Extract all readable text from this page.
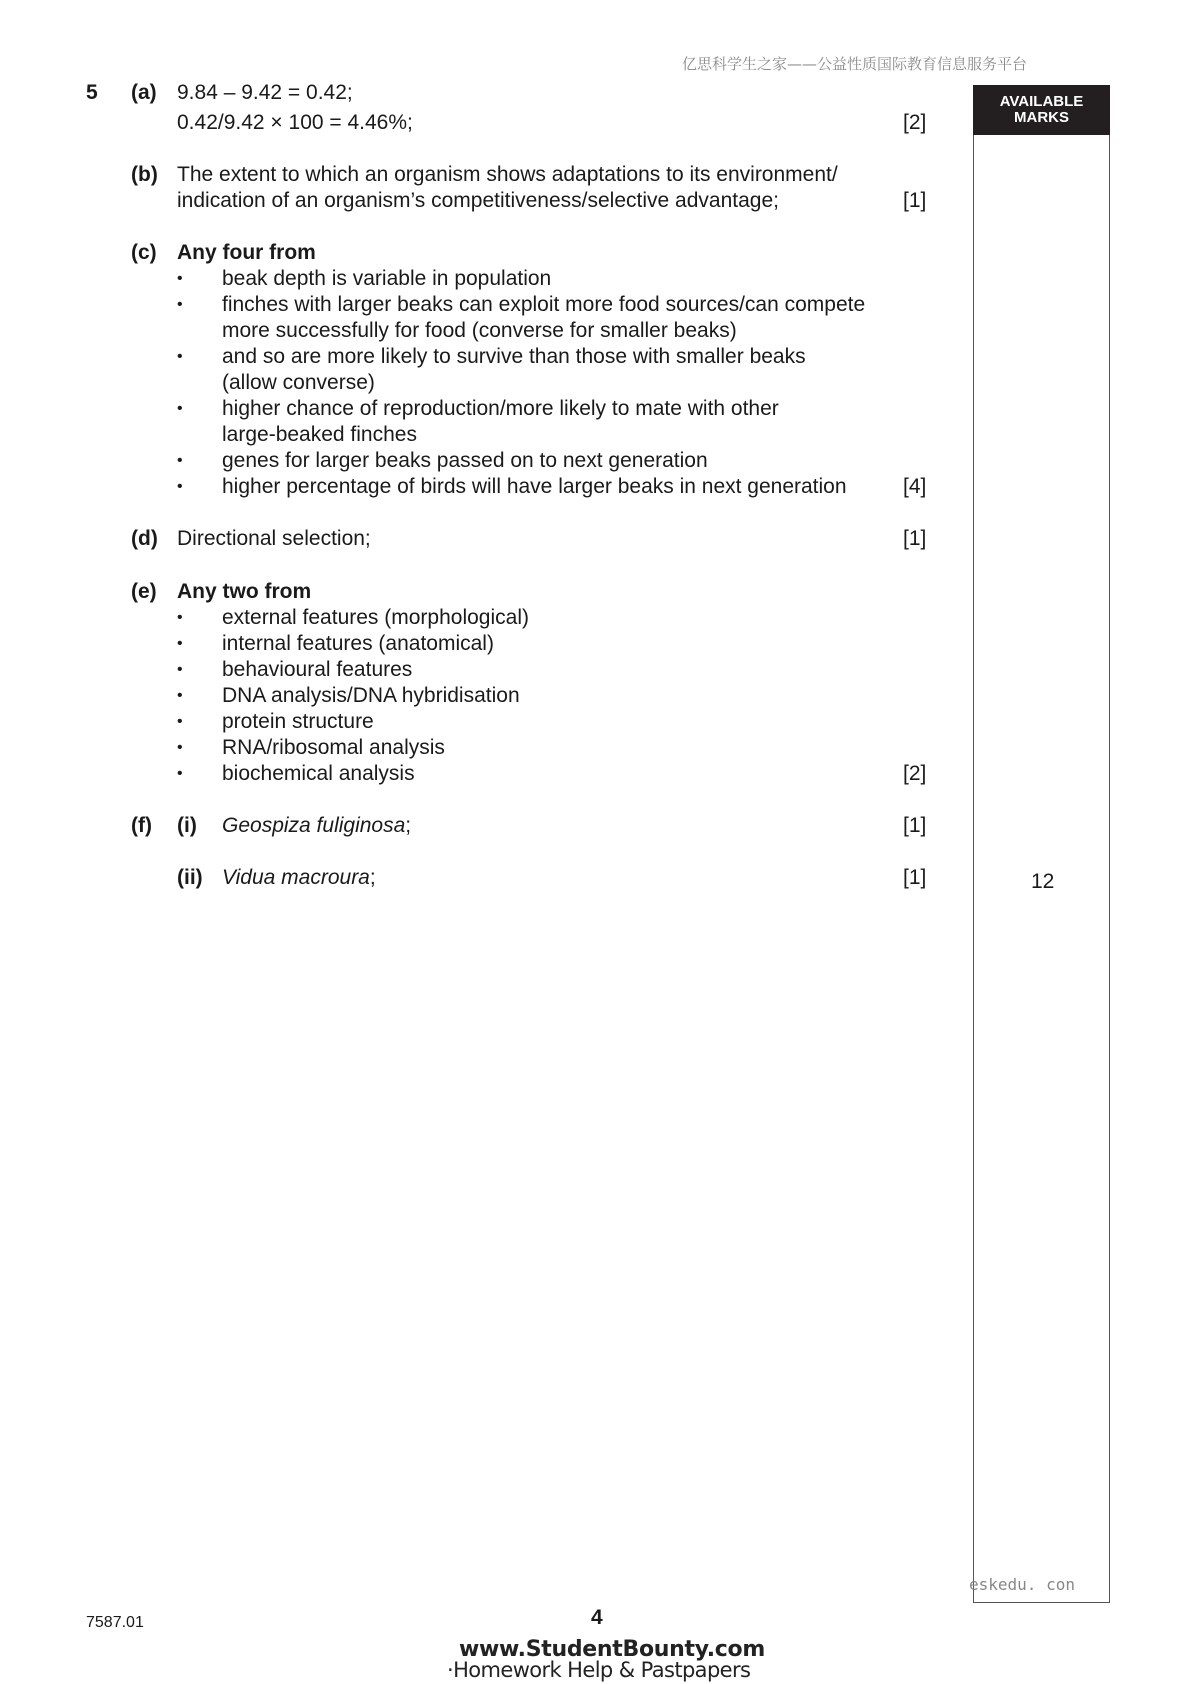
亿思科学生之家——公益性质国际教育信息服务平台
AVAILABLE
MARKS
12
5 (a) 9.84 – 9.42 = 0.42;
0.42/9.42 × 100 = 4.46%;	[2]
(b) The extent to which an organism shows adaptations to its environment/
indication of an organism’s competitiveness/selective advantage;	[1]
(c) Any four from
• beak depth is variable in population
• finches with larger beaks can exploit more food sources/can compete
more successfully for food (converse for smaller beaks)
• and so are more likely to survive than those with smaller beaks
(allow converse)
• higher chance of reproduction/more likely to mate with other
large-beaked finches
• genes for larger beaks passed on to next generation
• higher percentage of birds will have larger beaks in next generation	[4]
(d) Directional selection;	[1]
(e) Any two from
• external features (morphological)
• internal features (anatomical)
• behavioural features
• DNA analysis/DNA hybridisation
• protein structure
• RNA/ribosomal analysis
• biochemical analysis	[2]
(f) (i) Geospiza fuliginosa;	[1]
(ii) Vidua macroura;	[1]
eskedu. con
7587.01	4
www.StudentBounty.com
·Homework Help & Pastpapers
